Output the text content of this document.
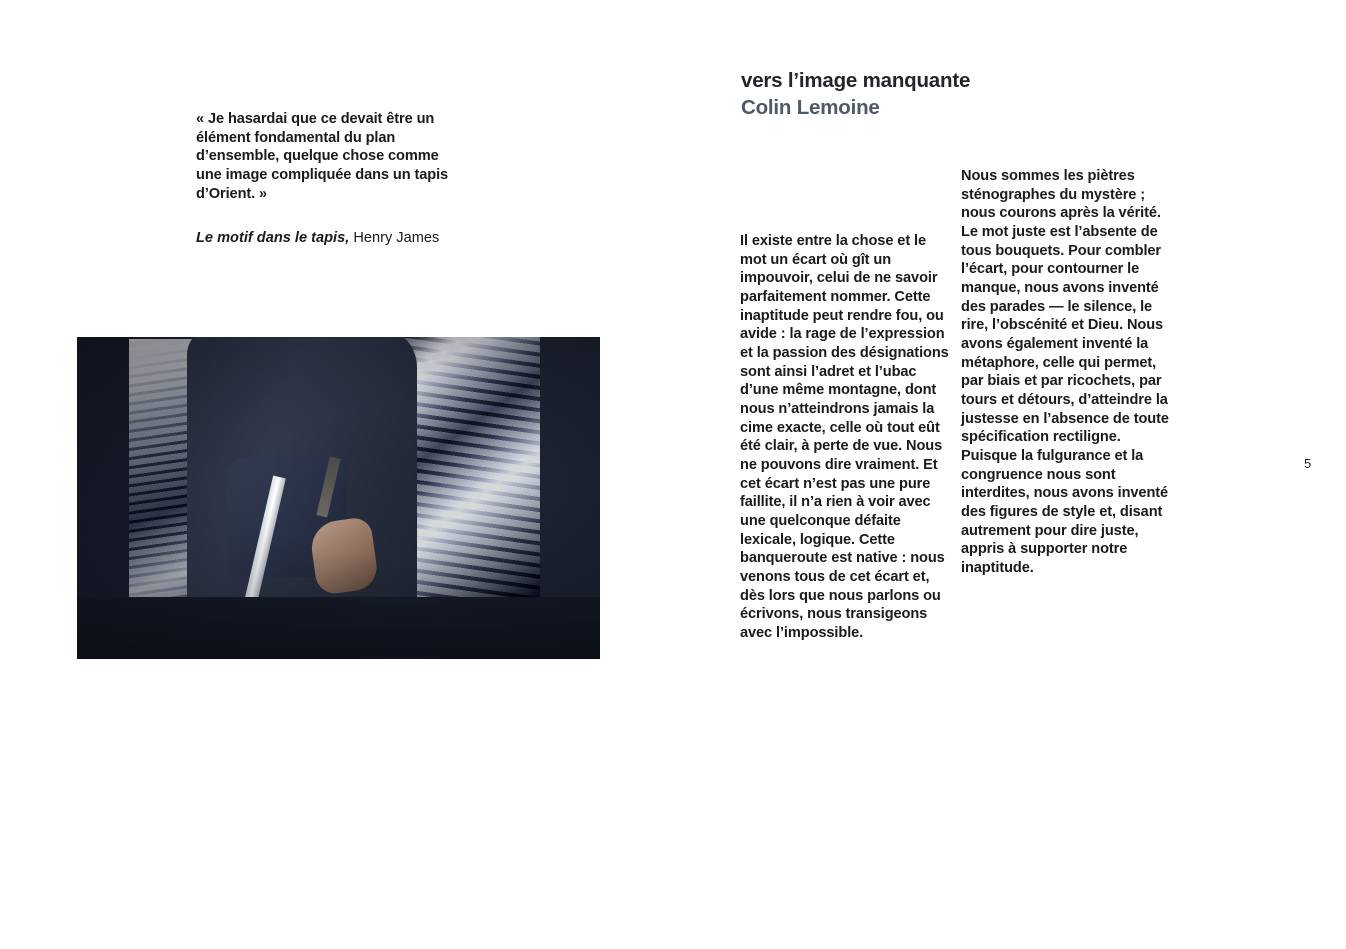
« Je hasardai que ce devait être un élément fondamental du plan d’ensemble, quelque chose comme une image compliquée dans un tapis d’Orient. »
Le motif dans le tapis, Henry James
vers l’image manquante
Colin Lemoine

Il existe entre la chose et le mot un écart où gît un impouvoir, celui de ne savoir parfaitement nommer. Cette inaptitude peut rendre fou, ou avide : la rage de l’expression et la passion des désignations sont ainsi l’adret et l’ubac d’une même montagne, dont nous n’atteindrons jamais la cime exacte, celle où tout eût été clair, à perte de vue. Nous ne pouvons dire vraiment. Et cet écart n’est pas une pure faillite, il n’a rien à voir avec une quelconque défaite lexicale, logique. Cette banqueroute est native : nous venons tous de cet écart et, dès lors que nous parlons ou écrivons, nous transigeons avec l’impossible.

Nous sommes les piètres sténographes du mystère ; nous courons après la vérité. Le mot juste est l’absente de tous bouquets. Pour combler l’écart, pour contourner le manque, nous avons inventé des parades — le silence, le rire, l’obscénité et Dieu. Nous avons également inventé la métaphore, celle qui permet, par biais et par ricochets, par tours et détours, d’atteindre la justesse en l’absence de toute spécification rectiligne. Puisque la fulgurance et la congruence nous sont interdites, nous avons inventé des figures de style et, disant autrement pour dire juste, appris à supporter notre inaptitude.

5
